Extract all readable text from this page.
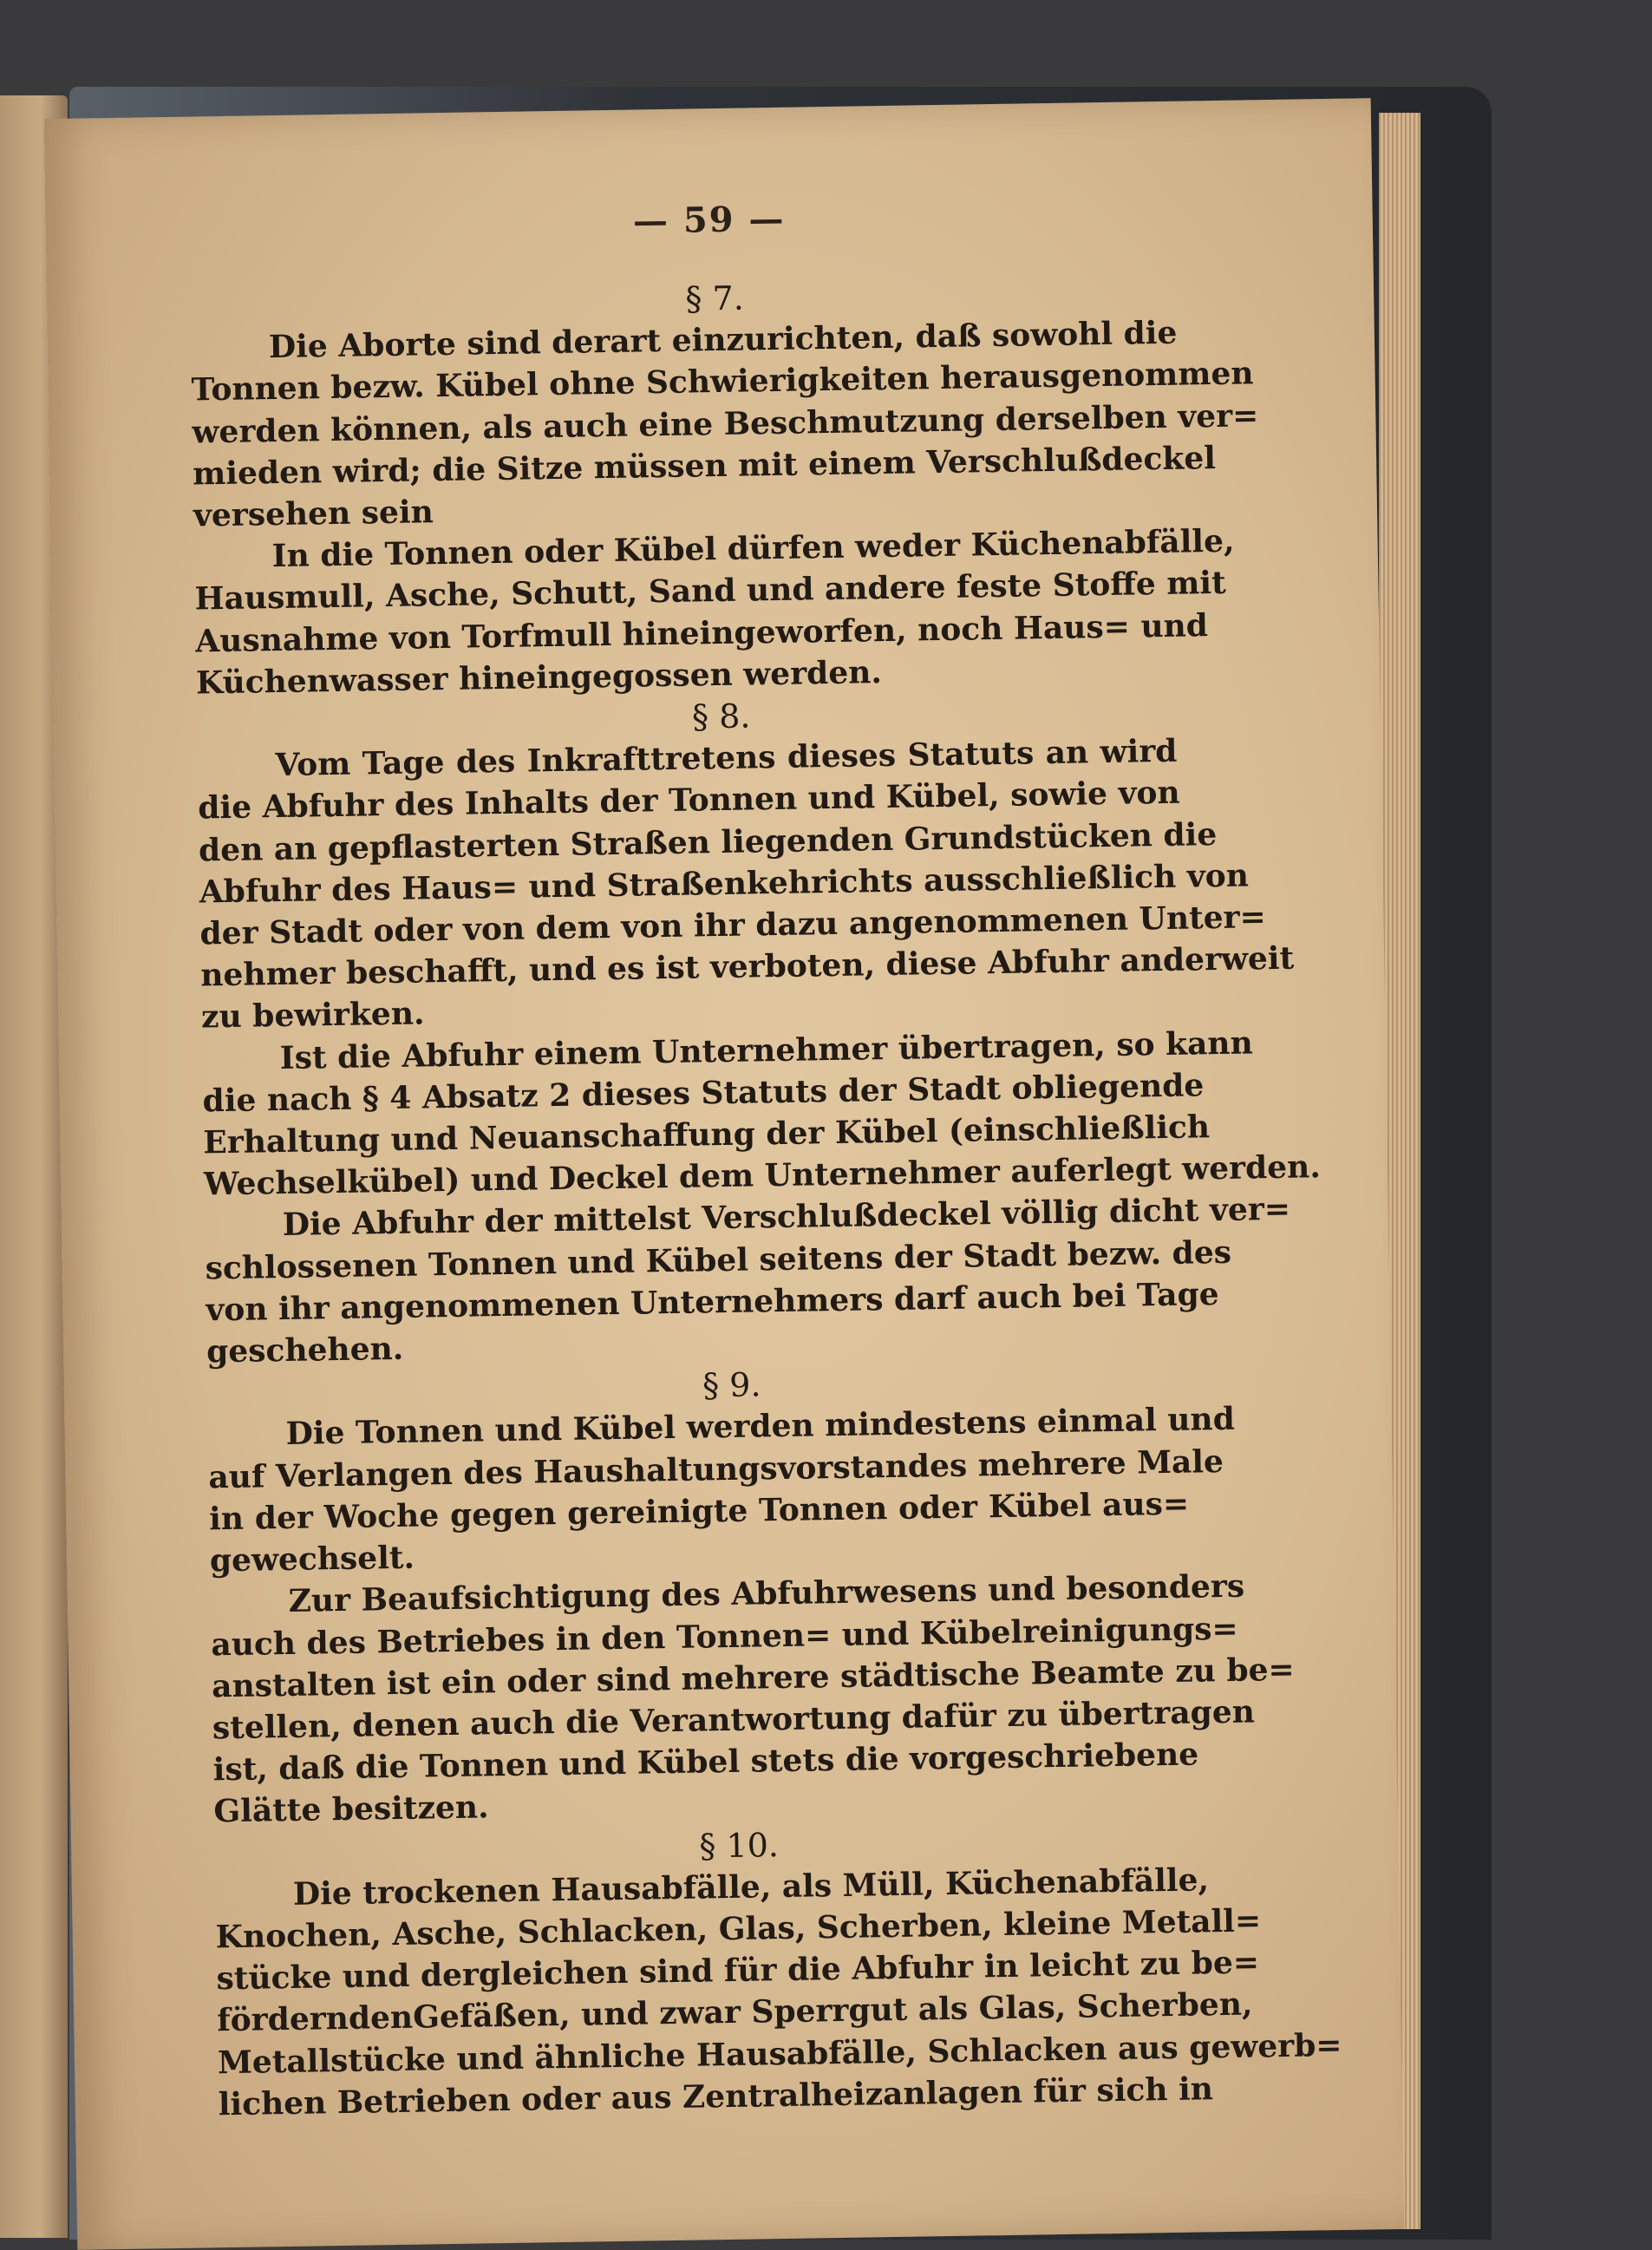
— 59 —
§ 7.
Die Aborte sind derart einzurichten, daß sowohl die
Tonnen bezw. Kübel ohne Schwierigkeiten herausgenommen
werden können, als auch eine Beschmutzung derselben ver=
mieden wird; die Sitze müssen mit einem Verschlußdeckel
versehen sein
In die Tonnen oder Kübel dürfen weder Küchenabfälle,
Hausmull, Asche, Schutt, Sand und andere feste Stoffe mit
Ausnahme von Torfmull hineingeworfen, noch Haus= und
Küchenwasser hineingegossen werden.
§ 8.
Vom Tage des Inkrafttretens dieses Statuts an wird
die Abfuhr des Inhalts der Tonnen und Kübel, sowie von
den an gepflasterten Straßen liegenden Grundstücken die
Abfuhr des Haus= und Straßenkehrichts ausschließlich von
der Stadt oder von dem von ihr dazu angenommenen Unter=
nehmer beschafft, und es ist verboten, diese Abfuhr anderweit
zu bewirken.
Ist die Abfuhr einem Unternehmer übertragen, so kann
die nach § 4 Absatz 2 dieses Statuts der Stadt obliegende
Erhaltung und Neuanschaffung der Kübel (einschließlich
Wechselkübel) und Deckel dem Unternehmer auferlegt werden.
Die Abfuhr der mittelst Verschlußdeckel völlig dicht ver=
schlossenen Tonnen und Kübel seitens der Stadt bezw. des
von ihr angenommenen Unternehmers darf auch bei Tage
geschehen.
§ 9.
Die Tonnen und Kübel werden mindestens einmal und
auf Verlangen des Haushaltungsvorstandes mehrere Male
in der Woche gegen gereinigte Tonnen oder Kübel aus=
gewechselt.
Zur Beaufsichtigung des Abfuhrwesens und besonders
auch des Betriebes in den Tonnen= und Kübelreinigungs=
anstalten ist ein oder sind mehrere städtische Beamte zu be=
stellen, denen auch die Verantwortung dafür zu übertragen
ist, daß die Tonnen und Kübel stets die vorgeschriebene
Glätte besitzen.
§ 10.
Die trockenen Hausabfälle, als Müll, Küchenabfälle,
Knochen, Asche, Schlacken, Glas, Scherben, kleine Metall=
stücke und dergleichen sind für die Abfuhr in leicht zu be=
förderndenGefäßen, und zwar Sperrgut als Glas, Scherben,
Metallstücke und ähnliche Hausabfälle, Schlacken aus gewerb=
lichen Betrieben oder aus Zentralheizanlagen für sich in
